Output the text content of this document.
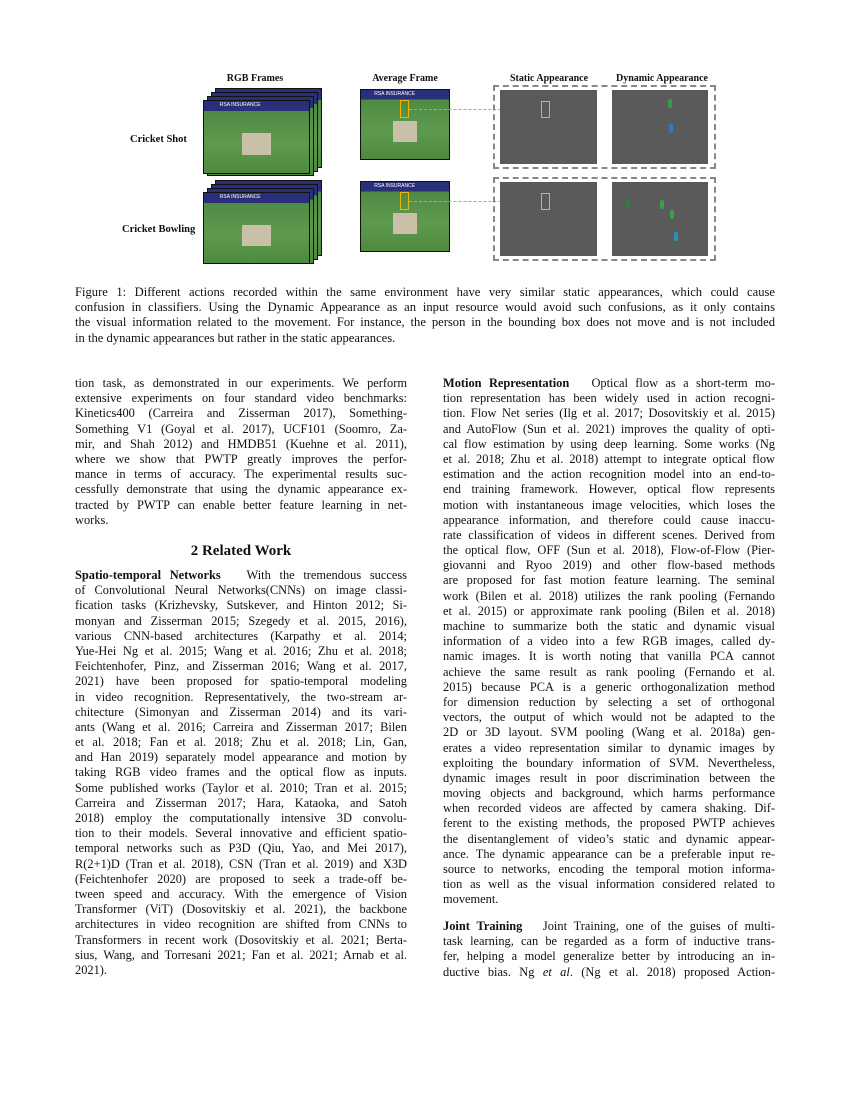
RGB Frames	Average Frame	Static Appearance	Dynamic Appearance
Cricket Shot
Cricket Bowling
RSA INSURANCE
RSA INSURANCE
RSA INSURANCE
RSA INSURANCE
Figure 1: Different actions recorded within the same environment have very similar static appearances, which could cause
confusion in classifiers. Using the Dynamic Appearance as an input resource would avoid such confusions, as it only contains
the visual information related to the movement. For instance, the person in the bounding box does not move and is not included
in the dynamic appearances but rather in the static appearances.
tion task, as demonstrated in our experiments. We perform
extensive experiments on four standard video benchmarks:
Kinetics400 (Carreira and Zisserman 2017), Something-
Something V1 (Goyal et al. 2017), UCF101 (Soomro, Za-
mir, and Shah 2012) and HMDB51 (Kuehne et al. 2011),
where we show that PWTP greatly improves the perfor-
mance in terms of accuracy. The experimental results suc-
cessfully demonstrate that using the dynamic appearance ex-
tracted by PWTP can enable better feature learning in net-
works.
2 Related Work
Spatio-temporal Networks   With the tremendous success
of Convolutional Neural Networks(CNNs) on image classi-
fication tasks (Krizhevsky, Sutskever, and Hinton 2012; Si-
monyan and Zisserman 2015; Szegedy et al. 2015, 2016),
various CNN-based architectures (Karpathy et al. 2014;
Yue-Hei Ng et al. 2015; Wang et al. 2016; Zhu et al. 2018;
Feichtenhofer, Pinz, and Zisserman 2016; Wang et al. 2017,
2021) have been proposed for spatio-temporal modeling
in video recognition. Representatively, the two-stream ar-
chitecture (Simonyan and Zisserman 2014) and its vari-
ants (Wang et al. 2016; Carreira and Zisserman 2017; Bilen
et al. 2018; Fan et al. 2018; Zhu et al. 2018; Lin, Gan,
and Han 2019) separately model appearance and motion by
taking RGB video frames and the optical flow as inputs.
Some published works (Taylor et al. 2010; Tran et al. 2015;
Carreira and Zisserman 2017; Hara, Kataoka, and Satoh
2018) employ the computationally intensive 3D convolu-
tion to their models. Several innovative and efficient spatio-
temporal networks such as P3D (Qiu, Yao, and Mei 2017),
R(2+1)D (Tran et al. 2018), CSN (Tran et al. 2019) and X3D
(Feichtenhofer 2020) are proposed to seek a trade-off be-
tween speed and accuracy. With the emergence of Vision
Transformer (ViT) (Dosovitskiy et al. 2021), the backbone
architectures in video recognition are shifted from CNNs to
Transformers in recent work (Dosovitskiy et al. 2021; Berta-
sius, Wang, and Torresani 2021; Fan et al. 2021; Arnab et al.
2021).
Motion Representation   Optical flow as a short-term mo-
tion representation has been widely used in action recogni-
tion. Flow Net series (Ilg et al. 2017; Dosovitskiy et al. 2015)
and AutoFlow (Sun et al. 2021) improves the quality of opti-
cal flow estimation by using deep learning. Some works (Ng
et al. 2018; Zhu et al. 2018) attempt to integrate optical flow
estimation and the action recognition model into an end-to-
end training framework. However, optical flow represents
motion with instantaneous image velocities, which loses the
appearance information, and therefore could cause inaccu-
rate classification of videos in different scenes. Derived from
the optical flow, OFF (Sun et al. 2018), Flow-of-Flow (Pier-
giovanni and Ryoo 2019) and other flow-based methods
are proposed for fast motion feature learning. The seminal
work (Bilen et al. 2018) utilizes the rank pooling (Fernando
et al. 2015) or approximate rank pooling (Bilen et al. 2018)
machine to summarize both the static and dynamic visual
information of a video into a few RGB images, called dy-
namic images. It is worth noting that vanilla PCA cannot
achieve the same result as rank pooling (Fernando et al.
2015) because PCA is a generic orthogonalization method
for dimension reduction by selecting a set of orthogonal
vectors, the output of which would not be adapted to the
2D or 3D layout. SVM pooling (Wang et al. 2018a) gen-
erates a video representation similar to dynamic images by
exploiting the boundary information of SVM. Nevertheless,
dynamic images result in poor discrimination between the
moving objects and background, which harms performance
when recorded videos are affected by camera shaking. Dif-
ferent to the existing methods, the proposed PWTP achieves
the disentanglement of video’s static and dynamic appear-
ance. The dynamic appearance can be a preferable input re-
source to networks, encoding the temporal motion informa-
tion as well as the visual information considered related to
movement.
Joint Training   Joint Training, one of the guises of multi-
task learning, can be regarded as a form of inductive trans-
fer, helping a model generalize better by introducing an in-
ductive bias. Ng et al. (Ng et al. 2018) proposed Action-
